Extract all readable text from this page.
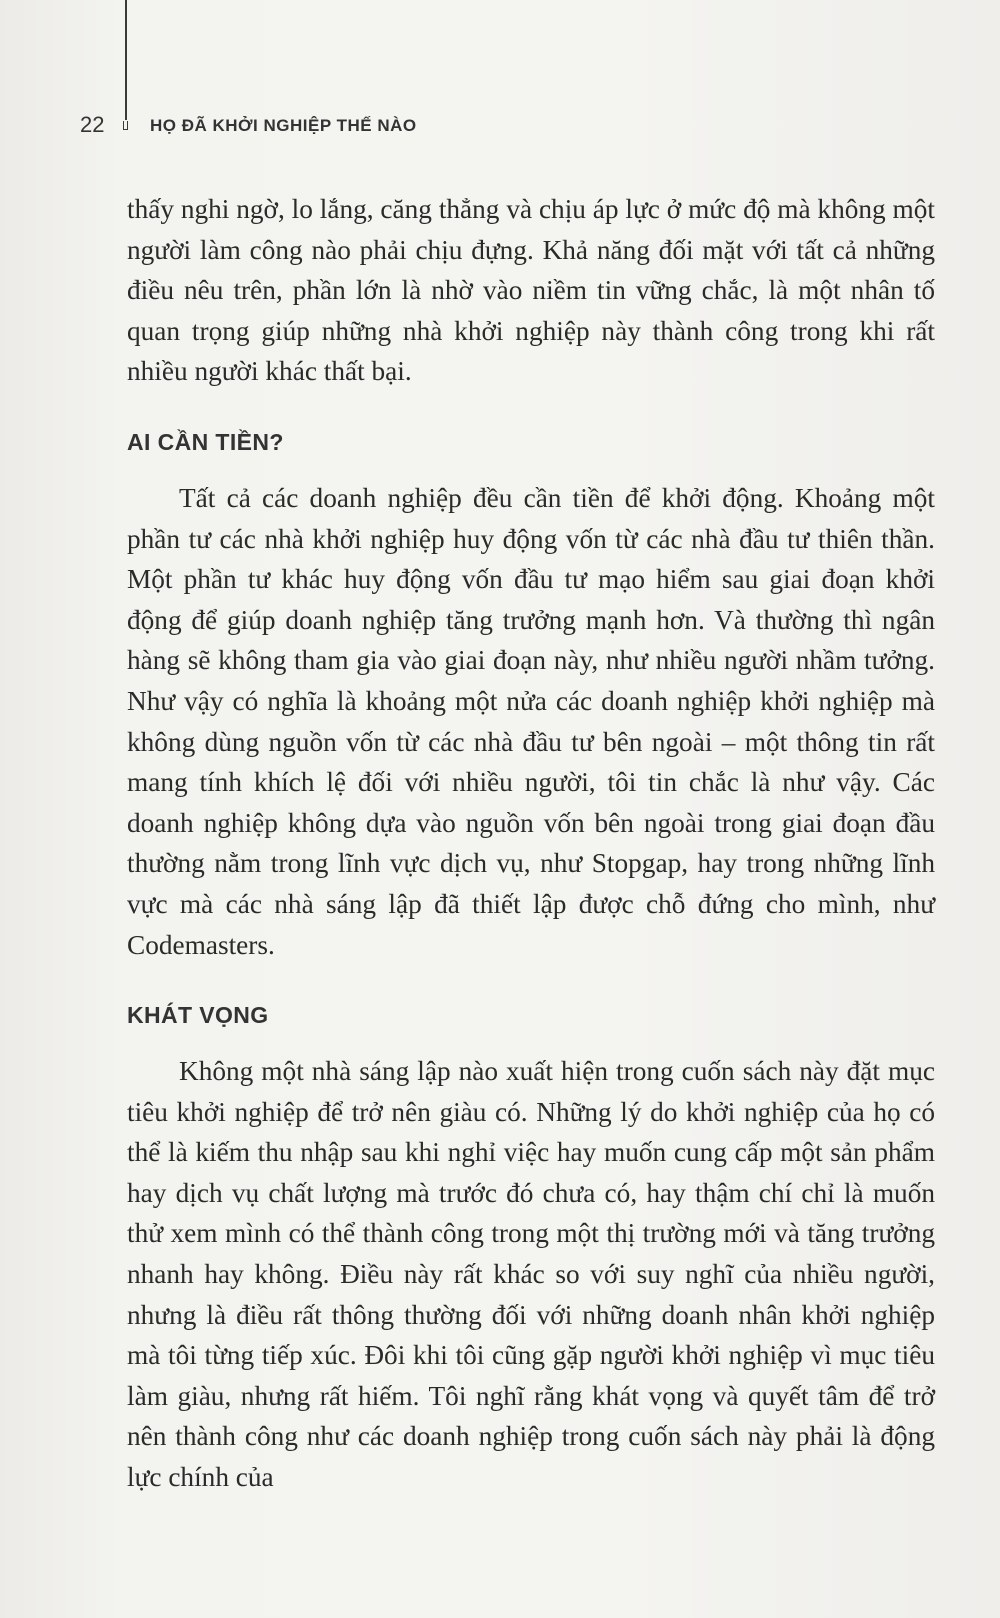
22	HỌ ĐÃ KHỞI NGHIỆP THẾ NÀO

thấy nghi ngờ, lo lắng, căng thẳng và chịu áp lực ở mức độ mà không một người làm công nào phải chịu đựng. Khả năng đối mặt với tất cả những điều nêu trên, phần lớn là nhờ vào niềm tin vững chắc, là một nhân tố quan trọng giúp những nhà khởi nghiệp này thành công trong khi rất nhiều người khác thất bại.

AI CẦN TIỀN?

Tất cả các doanh nghiệp đều cần tiền để khởi động. Khoảng một phần tư các nhà khởi nghiệp huy động vốn từ các nhà đầu tư thiên thần. Một phần tư khác huy động vốn đầu tư mạo hiểm sau giai đoạn khởi động để giúp doanh nghiệp tăng trưởng mạnh hơn. Và thường thì ngân hàng sẽ không tham gia vào giai đoạn này, như nhiều người nhầm tưởng. Như vậy có nghĩa là khoảng một nửa các doanh nghiệp khởi nghiệp mà không dùng nguồn vốn từ các nhà đầu tư bên ngoài – một thông tin rất mang tính khích lệ đối với nhiều người, tôi tin chắc là như vậy. Các doanh nghiệp không dựa vào nguồn vốn bên ngoài trong giai đoạn đầu thường nằm trong lĩnh vực dịch vụ, như Stopgap, hay trong những lĩnh vực mà các nhà sáng lập đã thiết lập được chỗ đứng cho mình, như Codemasters.

KHÁT VỌNG

Không một nhà sáng lập nào xuất hiện trong cuốn sách này đặt mục tiêu khởi nghiệp để trở nên giàu có. Những lý do khởi nghiệp của họ có thể là kiếm thu nhập sau khi nghỉ việc hay muốn cung cấp một sản phẩm hay dịch vụ chất lượng mà trước đó chưa có, hay thậm chí chỉ là muốn thử xem mình có thể thành công trong một thị trường mới và tăng trưởng nhanh hay không. Điều này rất khác so với suy nghĩ của nhiều người, nhưng là điều rất thông thường đối với những doanh nhân khởi nghiệp mà tôi từng tiếp xúc. Đôi khi tôi cũng gặp người khởi nghiệp vì mục tiêu làm giàu, nhưng rất hiếm. Tôi nghĩ rằng khát vọng và quyết tâm để trở nên thành công như các doanh nghiệp trong cuốn sách này phải là động lực chính của
